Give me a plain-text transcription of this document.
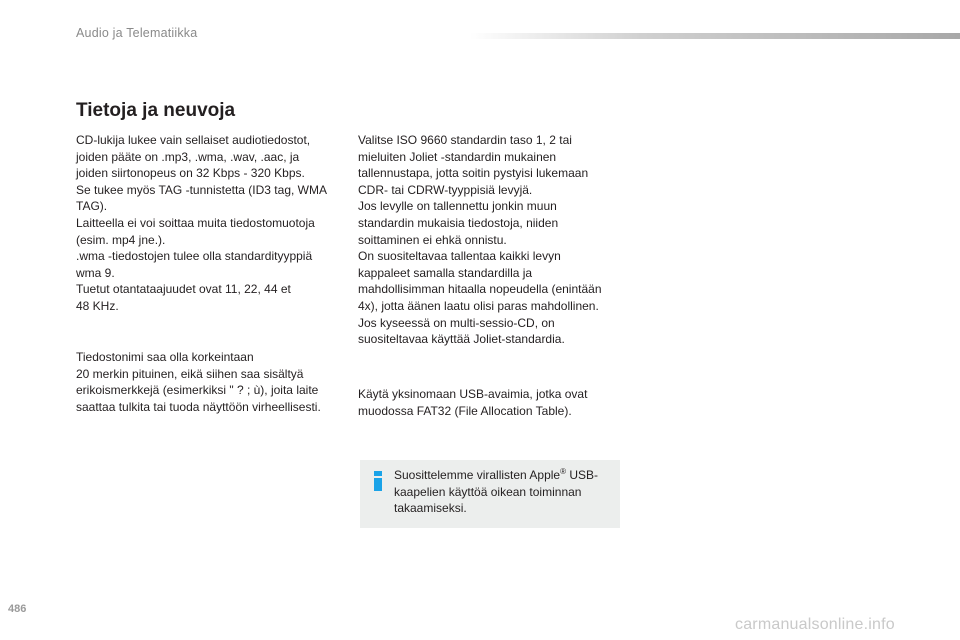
Audio ja Telematiikka
Tietoja ja neuvoja

CD-lukija lukee vain sellaiset audiotiedostot,
joiden pääte on .mp3, .wma, .wav, .aac, ja
joiden siirtonopeus on 32 Kbps - 320 Kbps.
Se tukee myös TAG -tunnistetta (ID3 tag, WMA
TAG).
Laitteella ei voi soittaa muita tiedostomuotoja
(esim. mp4 jne.).
.wma -tiedostojen tulee olla standardityyppiä
wma 9.
Tuetut otantataajuudet ovat 11, 22, 44 et
48 KHz.

Tiedostonimi saa olla korkeintaan
20 merkin pituinen, eikä siihen saa sisältyä
erikoismerkkejä (esimerkiksi " ? ; ù), joita laite
saattaa tulkita tai tuoda näyttöön virheellisesti.

Valitse ISO 9660 standardin taso 1, 2 tai
mieluiten Joliet -standardin mukainen
tallennustapa, jotta soitin pystyisi lukemaan
CDR- tai CDRW-tyyppisiä levyjä.
Jos levylle on tallennettu jonkin muun
standardin mukaisia tiedostoja, niiden
soittaminen ei ehkä onnistu.
On suositeltavaa tallentaa kaikki levyn
kappaleet samalla standardilla ja
mahdollisimman hitaalla nopeudella (enintään
4x), jotta äänen laatu olisi paras mahdollinen.
Jos kyseessä on multi-sessio-CD, on
suositeltavaa käyttää Joliet-standardia.

Käytä yksinomaan USB-avaimia, jotka ovat
muodossa FAT32 (File Allocation Table).

Suosittelemme virallisten Apple® USB-kaapelien käyttöä oikean toiminnan takaamiseksi.
486
carmanualsonline.info
